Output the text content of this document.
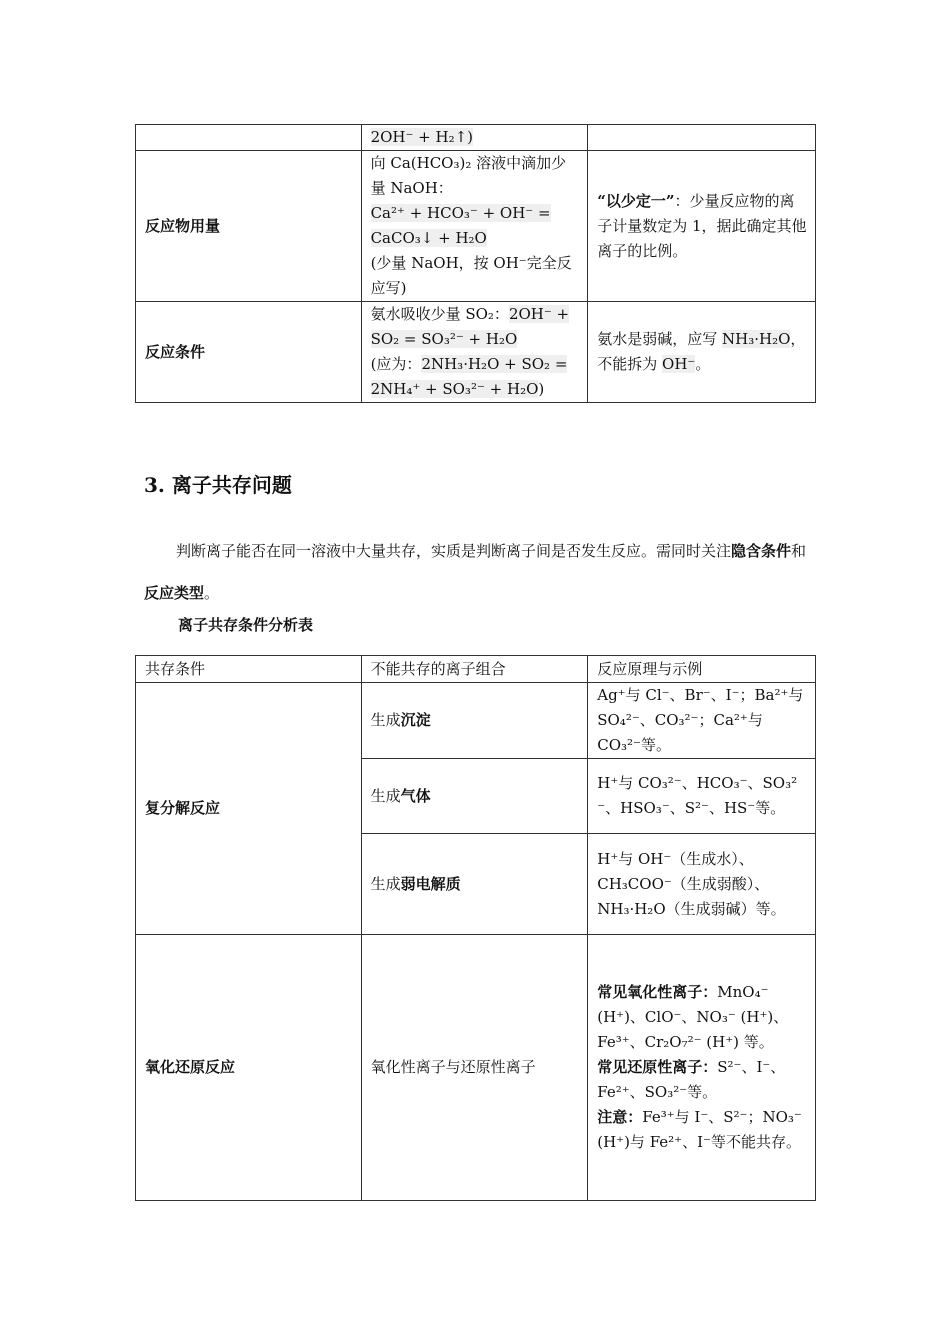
	2OH⁻ + H₂↑)	
反应物用量	向 Ca(HCO₃)₂ 溶液中滴加少量 NaOH：
Ca²⁺ + HCO₃⁻ + OH⁻ = CaCO₃↓ + H₂O
(少量 NaOH，按 OH⁻完全反应写)	“以少定一”：少量反应物的离子计量数定为 1，据此确定其他离子的比例。
反应条件	氨水吸收少量 SO₂：2OH⁻ + SO₂ = SO₃²⁻ + H₂O
(应为：2NH₃·H₂O + SO₂ = 2NH₄⁺ + SO₃²⁻ + H₂O)	氨水是弱碱，应写 NH₃·H₂O，不能拆为 OH⁻。
3. 离子共存问题

判断离子能否在同一溶液中大量共存，实质是判断离子间是否发生反应。需同时关注隐含条件和反应类型。

离子共存条件分析表

共存条件	不能共存的离子组合	反应原理与示例
复分解反应	生成沉淀	Ag⁺与 Cl⁻、Br⁻、I⁻；Ba²⁺与 SO₄²⁻、CO₃²⁻；Ca²⁺与 CO₃²⁻等。
	生成气体	H⁺与 CO₃²⁻、HCO₃⁻、SO₃²⁻、HSO₃⁻、S²⁻、HS⁻等。
	生成弱电解质	H⁺与 OH⁻（生成水）、CH₃COO⁻（生成弱酸）、NH₃·H₂O（生成弱碱）等。
氧化还原反应	氧化性离子与还原性离子	常见氧化性离子：MnO₄⁻ (H⁺)、ClO⁻、NO₃⁻ (H⁺)、Fe³⁺、Cr₂O₇²⁻ (H⁺) 等。
常见还原性离子：S²⁻、I⁻、Fe²⁺、SO₃²⁻等。
注意：Fe³⁺与 I⁻、S²⁻；NO₃⁻ (H⁺)与 Fe²⁺、I⁻等不能共存。
